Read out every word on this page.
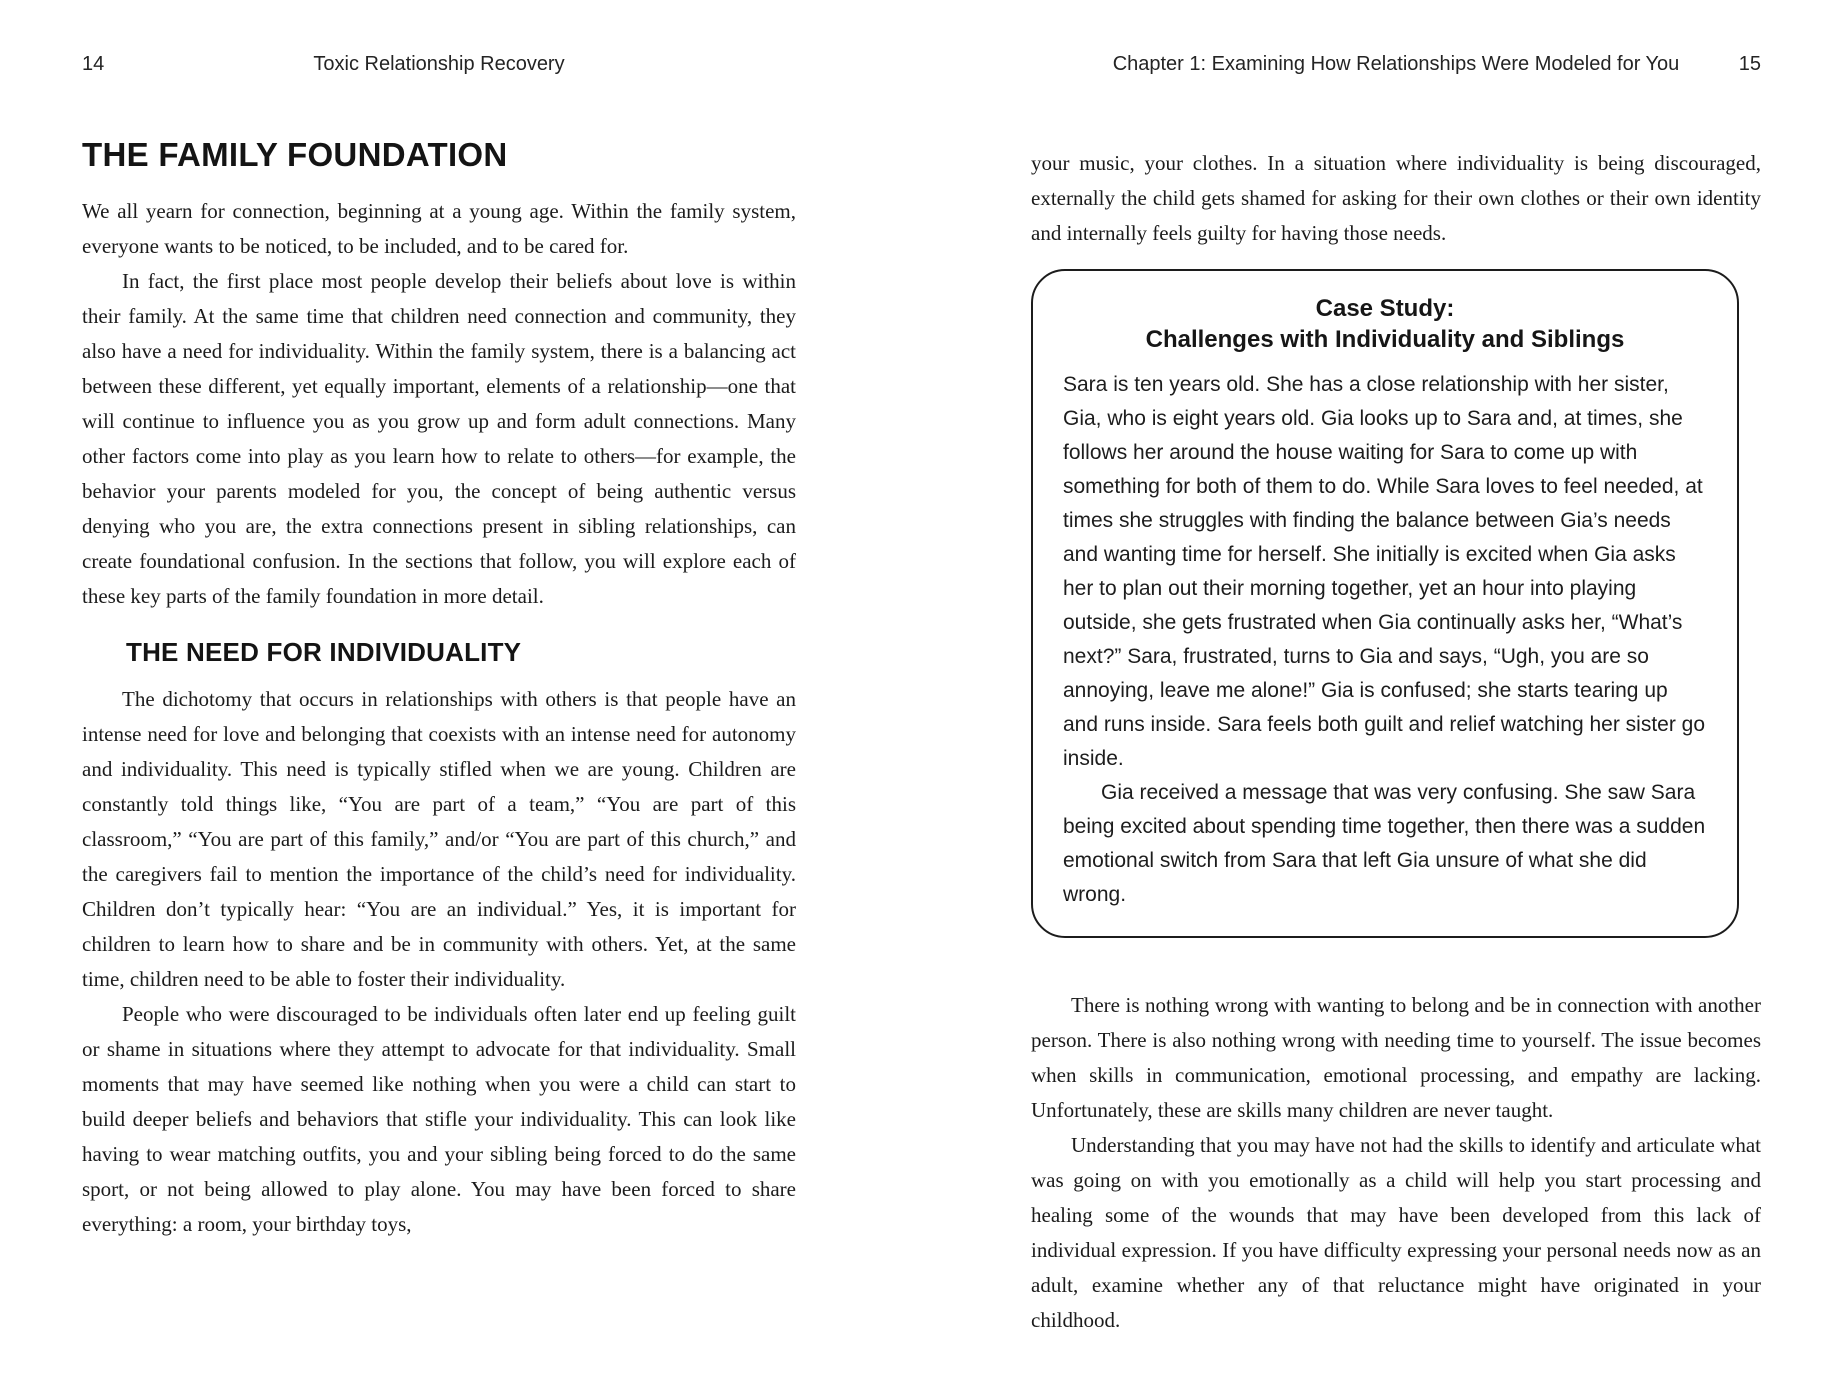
14	Toxic Relationship Recovery
THE FAMILY FOUNDATION

We all yearn for connection, beginning at a young age. Within the family system, everyone wants to be noticed, to be included, and to be cared for.

In fact, the first place most people develop their beliefs about love is within their family. At the same time that children need connection and community, they also have a need for individuality. Within the family system, there is a balancing act between these different, yet equally important, elements of a relationship—one that will continue to influence you as you grow up and form adult connections. Many other factors come into play as you learn how to relate to others—for example, the behavior your parents modeled for you, the concept of being authentic versus denying who you are, the extra connections present in sibling relationships, can create foundational confusion. In the sections that follow, you will explore each of these key parts of the family foundation in more detail.

THE NEED FOR INDIVIDUALITY

The dichotomy that occurs in relationships with others is that people have an intense need for love and belonging that coexists with an intense need for autonomy and individuality. This need is typically stifled when we are young. Children are constantly told things like, “You are part of a team,” “You are part of this classroom,” “You are part of this family,” and/or “You are part of this church,” and the caregivers fail to mention the importance of the child’s need for individuality. Children don’t typically hear: “You are an individual.” Yes, it is important for children to learn how to share and be in community with others. Yet, at the same time, children need to be able to foster their individuality.

People who were discouraged to be individuals often later end up feeling guilt or shame in situations where they attempt to advocate for that individuality. Small moments that may have seemed like nothing when you were a child can start to build deeper beliefs and behaviors that stifle your individuality. This can look like having to wear matching outfits, you and your sibling being forced to do the same sport, or not being allowed to play alone. You may have been forced to share everything: a room, your birthday toys,

Chapter 1: Examining How Relationships Were Modeled for You	15

your music, your clothes. In a situation where individuality is being discouraged, externally the child gets shamed for asking for their own clothes or their own identity and internally feels guilty for having those needs.

Case Study:
Challenges with Individuality and Siblings

Sara is ten years old. She has a close relationship with her sister, Gia, who is eight years old. Gia looks up to Sara and, at times, she follows her around the house waiting for Sara to come up with something for both of them to do. While Sara loves to feel needed, at times she struggles with finding the balance between Gia’s needs and wanting time for herself. She initially is excited when Gia asks her to plan out their morning together, yet an hour into playing outside, she gets frustrated when Gia continually asks her, “What’s next?” Sara, frustrated, turns to Gia and says, “Ugh, you are so annoying, leave me alone!” Gia is confused; she starts tearing up and runs inside. Sara feels both guilt and relief watching her sister go inside.

Gia received a message that was very confusing. She saw Sara being excited about spending time together, then there was a sudden emotional switch from Sara that left Gia unsure of what she did wrong.

There is nothing wrong with wanting to belong and be in connection with another person. There is also nothing wrong with needing time to yourself. The issue becomes when skills in communication, emotional processing, and empathy are lacking. Unfortunately, these are skills many children are never taught.

Understanding that you may have not had the skills to identify and articulate what was going on with you emotionally as a child will help you start processing and healing some of the wounds that may have been developed from this lack of individual expression. If you have difficulty expressing your personal needs now as an adult, examine whether any of that reluctance might have originated in your childhood.
